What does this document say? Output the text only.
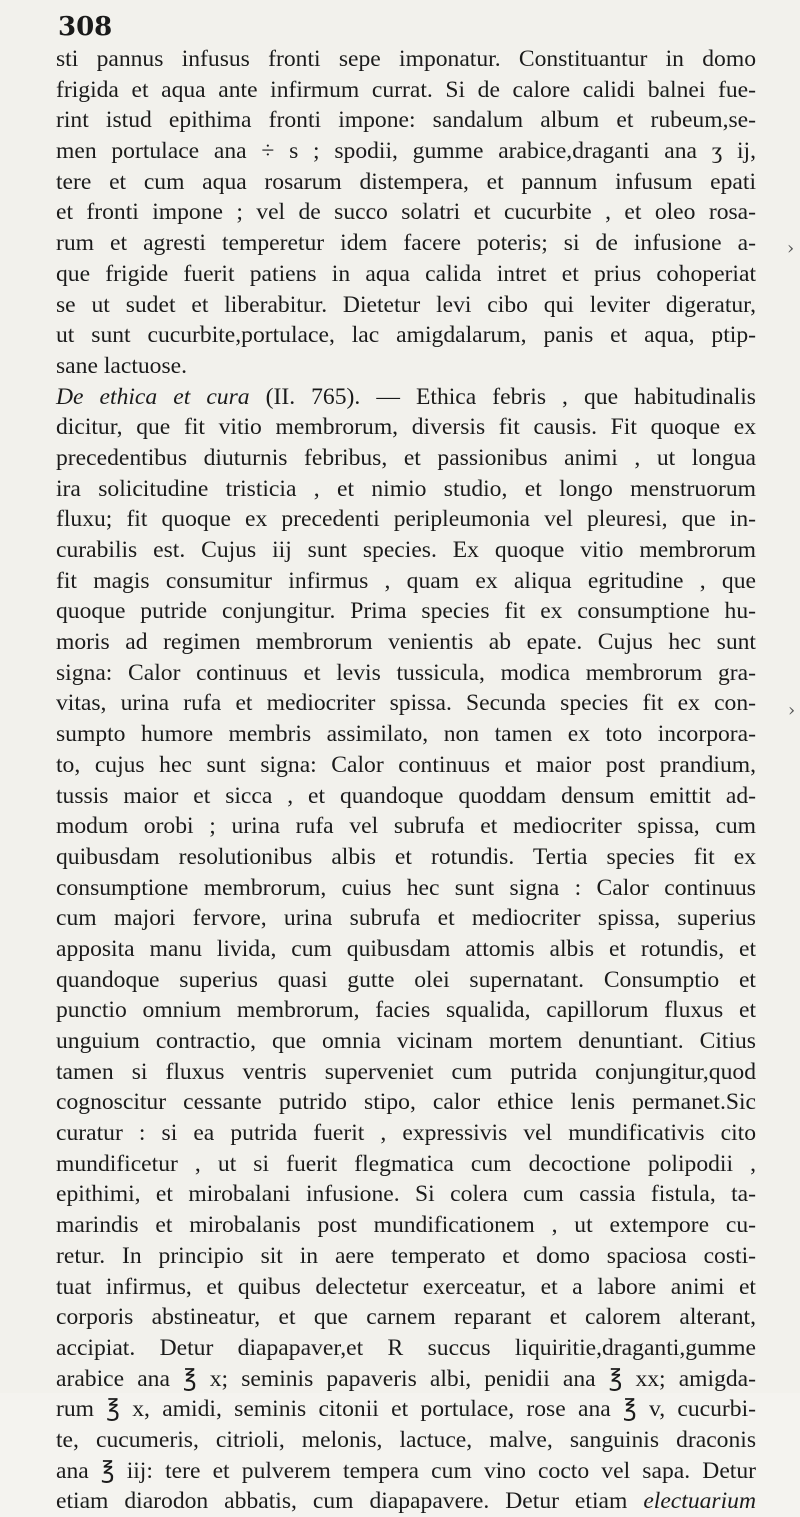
308
sti pannus infusus fronti sepe imponatur. Constituantur in domo
frigida et aqua ante infirmum currat. Si de calore calidi balnei fue-
rint istud epithima fronti impone: sandalum album et rubeum,se-
men portulace ana ÷ s ; spodii, gumme arabice,draganti ana ʒ ij,
tere et cum aqua rosarum distempera, et pannum infusum epati
et fronti impone ; vel de succo solatri et cucurbite , et oleo rosa-
rum et agresti temperetur idem facere poteris; si de infusione a-
que frigide fuerit patiens in aqua calida intret et prius cohoperiat
se ut sudet et liberabitur. Dietetur levi cibo qui leviter digeratur,
ut sunt cucurbite,portulace, lac amigdalarum, panis et aqua, ptip-
sane lactuose.
De ethica et cura (II. 765). — Ethica febris , que habitudinalis
dicitur, que fit vitio membrorum, diversis fit causis. Fit quoque ex
precedentibus diuturnis febribus, et passionibus animi , ut longua
ira solicitudine tristicia , et nimio studio, et longo menstruorum
fluxu; fit quoque ex precedenti peripleumonia vel pleuresi, que in-
curabilis est. Cujus iij sunt species. Ex quoque vitio membrorum
fit magis consumitur infirmus , quam ex aliqua egritudine , que
quoque putride conjungitur. Prima species fit ex consumptione hu-
moris ad regimen membrorum venientis ab epate. Cujus hec sunt
signa: Calor continuus et levis tussicula, modica membrorum gra-
vitas, urina rufa et mediocriter spissa. Secunda species fit ex con-
sumpto humore membris assimilato, non tamen ex toto incorpora-
to, cujus hec sunt signa: Calor continuus et maior post prandium,
tussis maior et sicca , et quandoque quoddam densum emittit ad-
modum orobi ; urina rufa vel subrufa et mediocriter spissa, cum
quibusdam resolutionibus albis et rotundis. Tertia species fit ex
consumptione membrorum, cuius hec sunt signa : Calor continuus
cum majori fervore, urina subrufa et mediocriter spissa, superius
apposita manu livida, cum quibusdam attomis albis et rotundis, et
quandoque superius quasi gutte olei supernatant. Consumptio et
punctio omnium membrorum, facies squalida, capillorum fluxus et
unguium contractio, que omnia vicinam mortem denuntiant. Citius
tamen si fluxus ventris superveniet cum putrida conjungitur,quod
cognoscitur cessante putrido stipo, calor ethice lenis permanet.Sic
curatur : si ea putrida fuerit , expressivis vel mundificativis cito
mundificetur , ut si fuerit flegmatica cum decoctione polipodii ,
epithimi, et mirobalani infusione. Si colera cum cassia fistula, ta-
marindis et mirobalanis post mundificationem , ut extempore cu-
retur. In principio sit in aere temperato et domo spaciosa costi-
tuat infirmus, et quibus delectetur exerceatur, et a labore animi et
corporis abstineatur, et que carnem reparant et calorem alterant,
accipiat. Detur diapapaver,et R succus liquiritie,draganti,gumme
arabice ana ℥ x; seminis papaveris albi, penidii ana ℥ xx; amigda-
rum ℥ x, amidi, seminis citonii et portulace, rose ana ℥ v, cucurbi-
te, cucumeris, citrioli, melonis, lactuce, malve, sanguinis draconis
ana ℥ iij: tere et pulverem tempera cum vino cocto vel sapa. Detur
etiam diarodon abbatis, cum diapapavere. Detur etiam electuarium
›
›
